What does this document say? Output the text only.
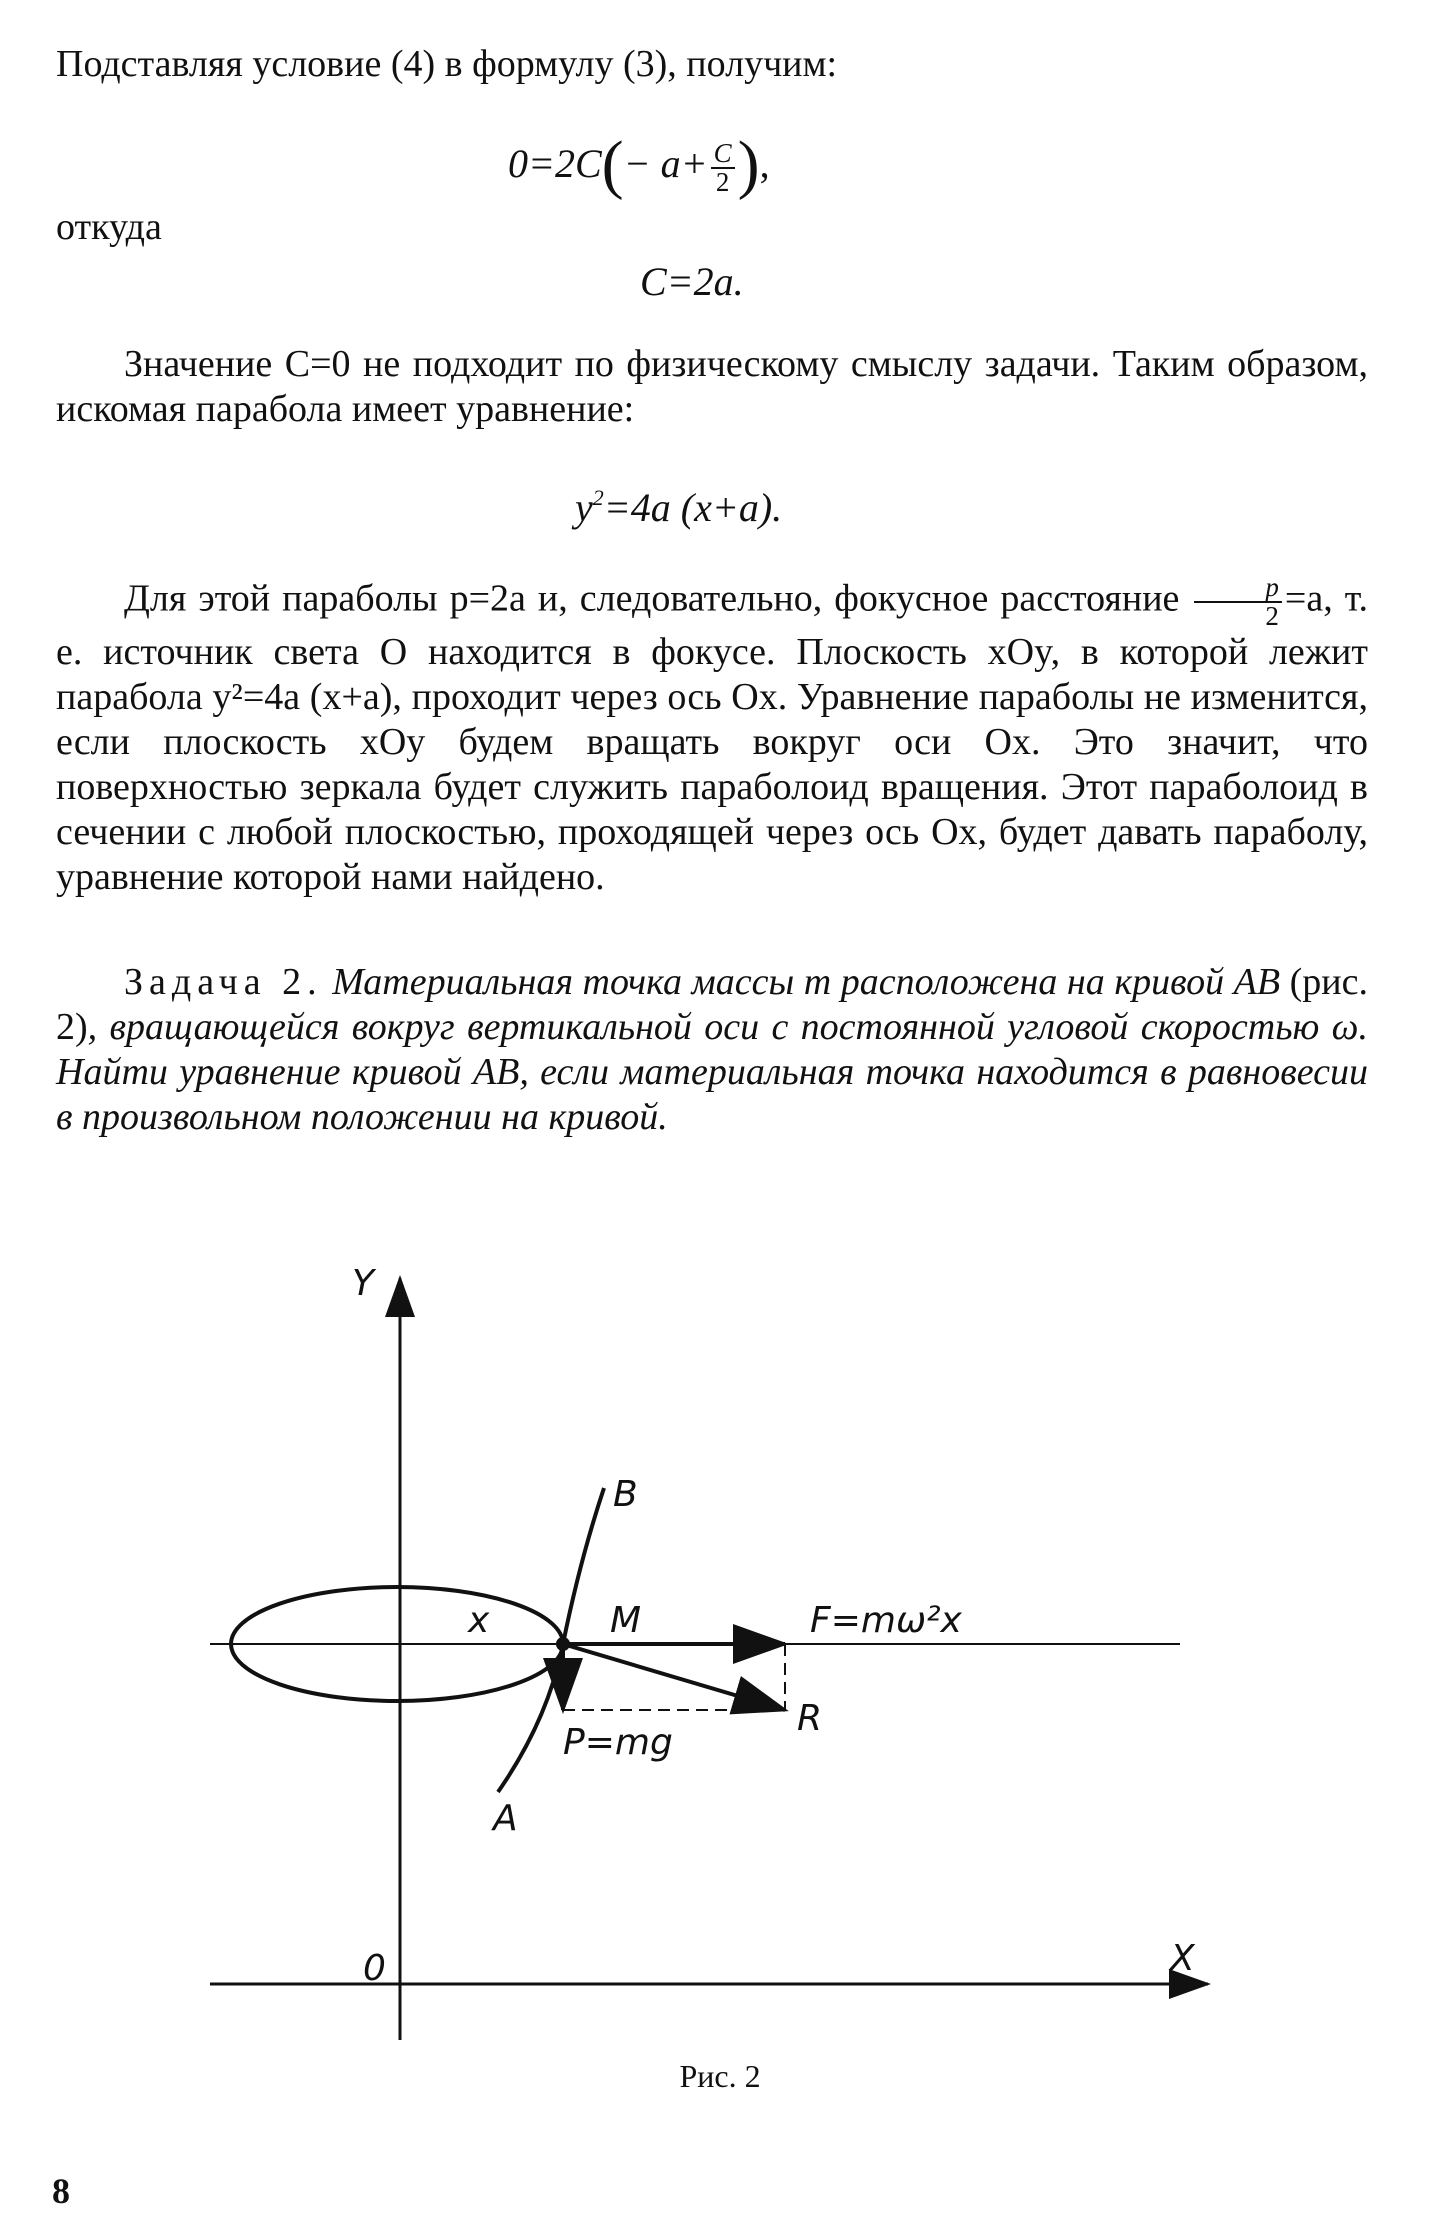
Подставляя условие (4) в формулу (3), получим:

$0=2C(- a+ \frac{C}{2}$ ),

откуда

C=2a.

Значение C=0 не подходит по физическому смыслу задачи. Таким образом, искомая парабола имеет уравнение:

$y^2=4a$ (x+a).

Для этой параболы p=2a и, следовательно, фокусное расстояние $\frac{p}{2} =a$, т. е. источник света O находится в фокусе. Плоскость xOy, в которой лежит парабола y²=4a (x+a), проходит через ось Ox. Уравнение параболы не изменится, если плоскость xOy будем вращать вокруг оси Ox. Это значит, что поверхностью зеркала будет служить параболоид вращения. Этот параболоид в сечении с любой плоскостью, проходящей через ось Ox, будет давать параболу, уравнение которой нами найдено.

Задача 2. Материальная точка массы m расположена на кривой AB (рис. 2), вращающейся вокруг вертикальной оси с постоянной угловой скоростью ω. Найти уравнение кривой AB, если материальная точка находится в равновесии в произвольном положении на кривой.

Y
X
0
B
A
M
x	F=mω²x
P=mg
R
Рис. 2
8
